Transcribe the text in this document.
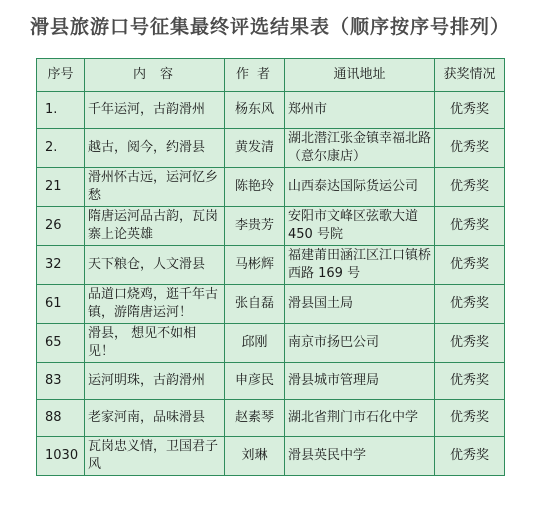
滑县旅游口号征集最终评选结果表（顺序按序号排列）
序号	内容	作者	通讯地址	获奖情况
1.	千年运河，古韵滑州	杨东风	郑州市	优秀奖
2.	越古，阅今，约滑县	黄发清	湖北潜江张金镇幸福北路（意尔康店）	优秀奖
21	滑州怀古远，运河忆乡愁	陈艳玲	山西泰达国际货运公司	优秀奖
26	隋唐运河品古韵，瓦岗寨上论英雄	李贵芳	安阳市文峰区弦歌大道 450 号院	优秀奖
32	天下粮仓，人文滑县	马彬辉	福建莆田涵江区江口镇桥西路 169 号	优秀奖
61	品道口烧鸡，逛千年古镇，游隋唐运河！	张自磊	滑县国土局	优秀奖
65	滑县， 想见不如相见！	邱刚	南京市扬巴公司	优秀奖
83	运河明珠，古韵滑州	申彦民	滑县城市管理局	优秀奖
88	老家河南，品味滑县	赵素琴	湖北省荆门市石化中学	优秀奖
1030	瓦岗忠义情，卫国君子风	刘琳	滑县英民中学	优秀奖
